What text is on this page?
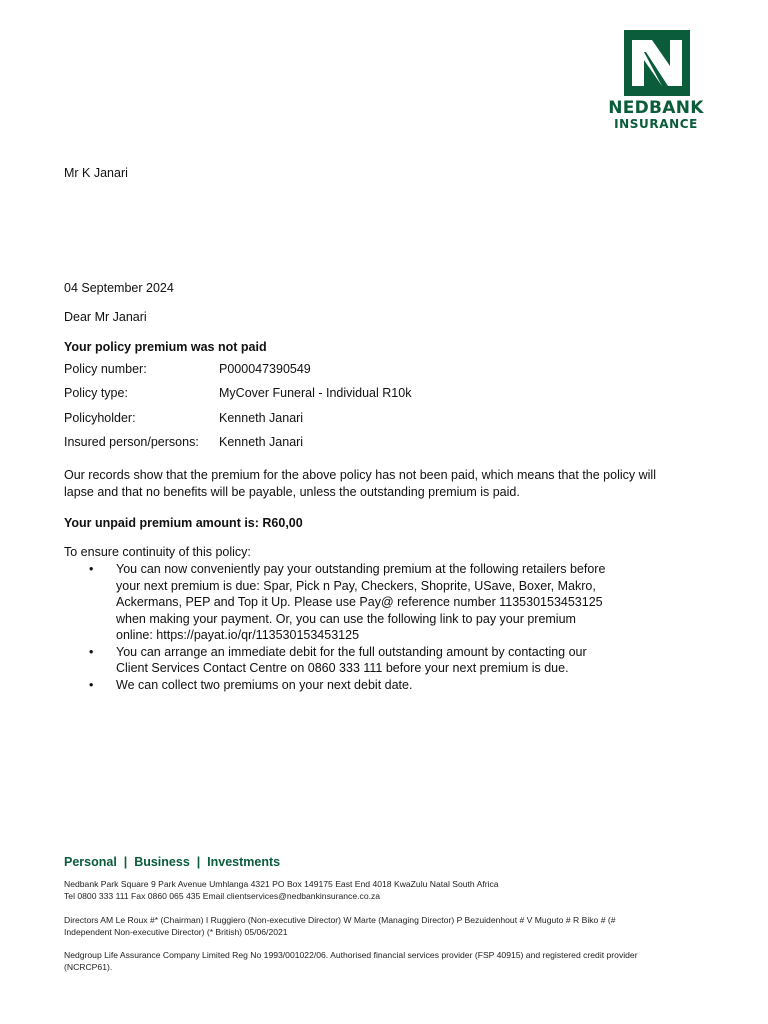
NEDBANK
INSURANCE
Mr K Janari
04 September 2024
Dear Mr Janari
Your policy premium was not paid
Policy number:	P000047390549
Policy type:	MyCover Funeral - Individual R10k
Policyholder:	Kenneth Janari
Insured person/persons: Kenneth Janari
Our records show that the premium for the above policy has not been paid, which means that the policy will
lapse and that no benefits will be payable, unless the outstanding premium is paid.
Your unpaid premium amount is: R60,00
To ensure continuity of this policy:
• You can now conveniently pay your outstanding premium at the following retailers before
your next premium is due: Spar, Pick n Pay, Checkers, Shoprite, USave, Boxer, Makro,
Ackermans, PEP and Top it Up. Please use Pay@ reference number 113530153453125
when making your payment. Or, you can use the following link to pay your premium
online: https://payat.io/qr/113530153453125
• You can arrange an immediate debit for the full outstanding amount by contacting our
Client Services Contact Centre on 0860 333 111 before your next premium is due.
• We can collect two premiums on your next debit date.
Personal  |  Business  |  Investments
Nedbank Park Square 9 Park Avenue Umhlanga 4321 PO Box 149175 East End 4018 KwaZulu Natal South Africa
Tel 0800 333 111 Fax 0860 065 435 Email clientservices@nedbankinsurance.co.za
Directors AM Le Roux #* (Chairman) I Ruggiero (Non-executive Director) W Marte (Managing Director) P Bezuidenhout # V Muguto # R Biko # (#
Independent Non-executive Director) (* British) 05/06/2021
Nedgroup Life Assurance Company Limited Reg No 1993/001022/06. Authorised financial services provider (FSP 40915) and registered credit provider
(NCRCP61).
